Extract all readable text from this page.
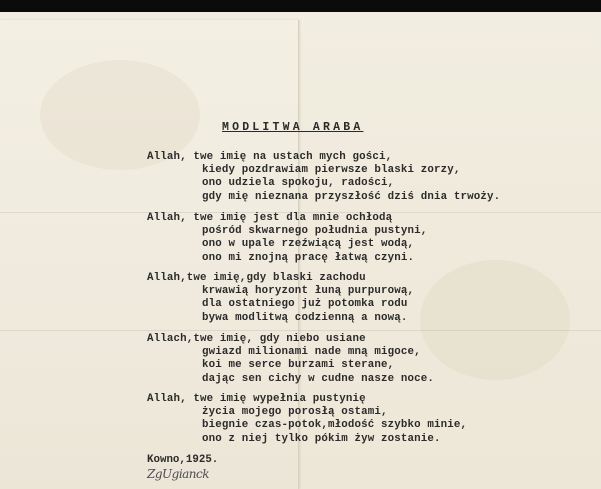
MODLITWA ARABA
Allah, twe imię na ustach mych gości,
kiedy pozdrawiam pierwsze blaski zorzy,
ono udziela spokoju, radości,
gdy mię nieznana przyszłość dziś dnia trwoży.
Allah, twe imię jest dla mnie ochłodą
pośród skwarnego południa pustyni,
ono w upale rzeźwiącą jest wodą,
ono mi znojną pracę łatwą czyni.
Allah,twe imię,gdy blaski zachodu
krwawią horyzont łuną purpurową,
dla ostatniego już potomka rodu
bywa modlitwą codzienną a nową.
Allach,twe imię, gdy niebo usiane
gwiazd milionami nade mną migoce,
koi me serce burzami sterane,
dając sen cichy w cudne nasze noce.
Allah, twe imię wypełnia pustynię
życia mojego porosłą ostami,
biegnie czas-potok,młodość szybko minie,
ono z niej tylko pókim żyw zostanie.
Kowno,1925.
ZgUgianck
